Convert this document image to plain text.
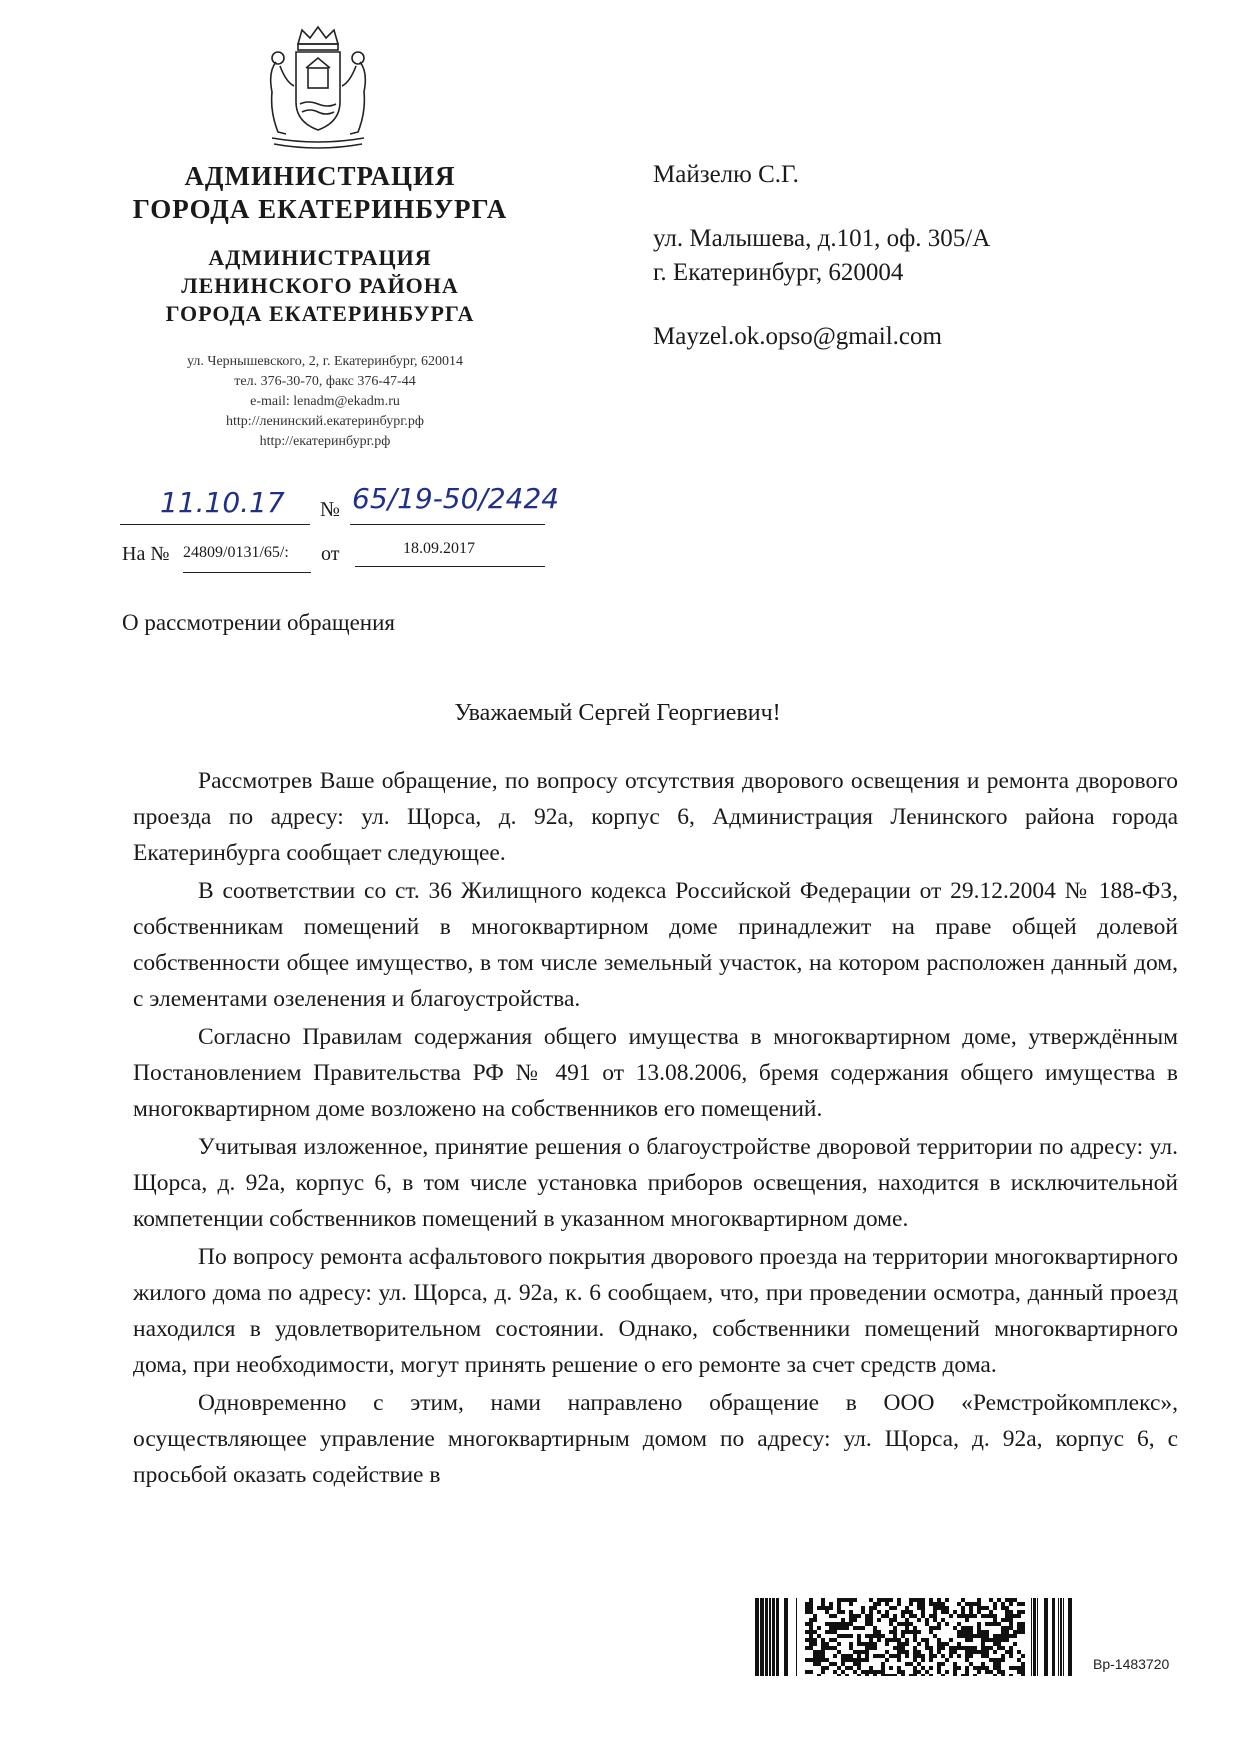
АДМИНИСТРАЦИЯ
ГОРОДА ЕКАТЕРИНБУРГА
АДМИНИСТРАЦИЯ
ЛЕНИНСКОГО РАЙОНА
ГОРОДА ЕКАТЕРИНБУРГА
ул. Чернышевского, 2, г. Екатеринбург, 620014
тел. 376-30-70, факс 376-47-44
e-mail: lenadm@ekadm.ru
http://ленинский.екатеринбург.рф
http://екатеринбург.рф
Майзелю С.Г.
ул. Малышева, д.101, оф. 305/А
г. Екатеринбург, 620004
Mayzel.ok.opso@gmail.com
11.10.17 № 65/19-50/2424
На № 24809/0131/65/: от	18.09.2017
О рассмотрении обращения
Уважаемый Сергей Георгиевич!

Рассмотрев Ваше обращение, по вопросу отсутствия дворового освещения и ремонта дворового проезда по адресу: ул. Щорса, д. 92а, корпус 6, Администрация Ленинского района города Екатеринбурга сообщает следующее.

В соответствии со ст. 36 Жилищного кодекса Российской Федерации от 29.12.2004 № 188-ФЗ, собственникам помещений в многоквартирном доме принадлежит на праве общей долевой собственности общее имущество, в том числе земельный участок, на котором расположен данный дом, с элементами озеленения и благоустройства.

Согласно Правилам содержания общего имущества в многоквартирном доме, утверждённым Постановлением Правительства РФ № 491 от 13.08.2006, бремя содержания общего имущества в многоквартирном доме возложено на собственников его помещений.

Учитывая изложенное, принятие решения о благоустройстве дворовой территории по адресу: ул. Щорса, д. 92а, корпус 6, в том числе установка приборов освещения, находится в исключительной компетенции собственников помещений в указанном многоквартирном доме.

По вопросу ремонта асфальтового покрытия дворового проезда на территории многоквартирного жилого дома по адресу: ул. Щорса, д. 92а, к. 6 сообщаем, что, при проведении осмотра, данный проезд находился в удовлетворительном состоянии. Однако, собственники помещений многоквартирного дома, при необходимости, могут принять решение о его ремонте за счет средств дома.

Одновременно с этим, нами направлено обращение в ООО «Ремстройкомплекс», осуществляющее управление многоквартирным домом по адресу: ул. Щорса, д. 92а, корпус 6, с просьбой оказать содействие в

Вр-1483720
